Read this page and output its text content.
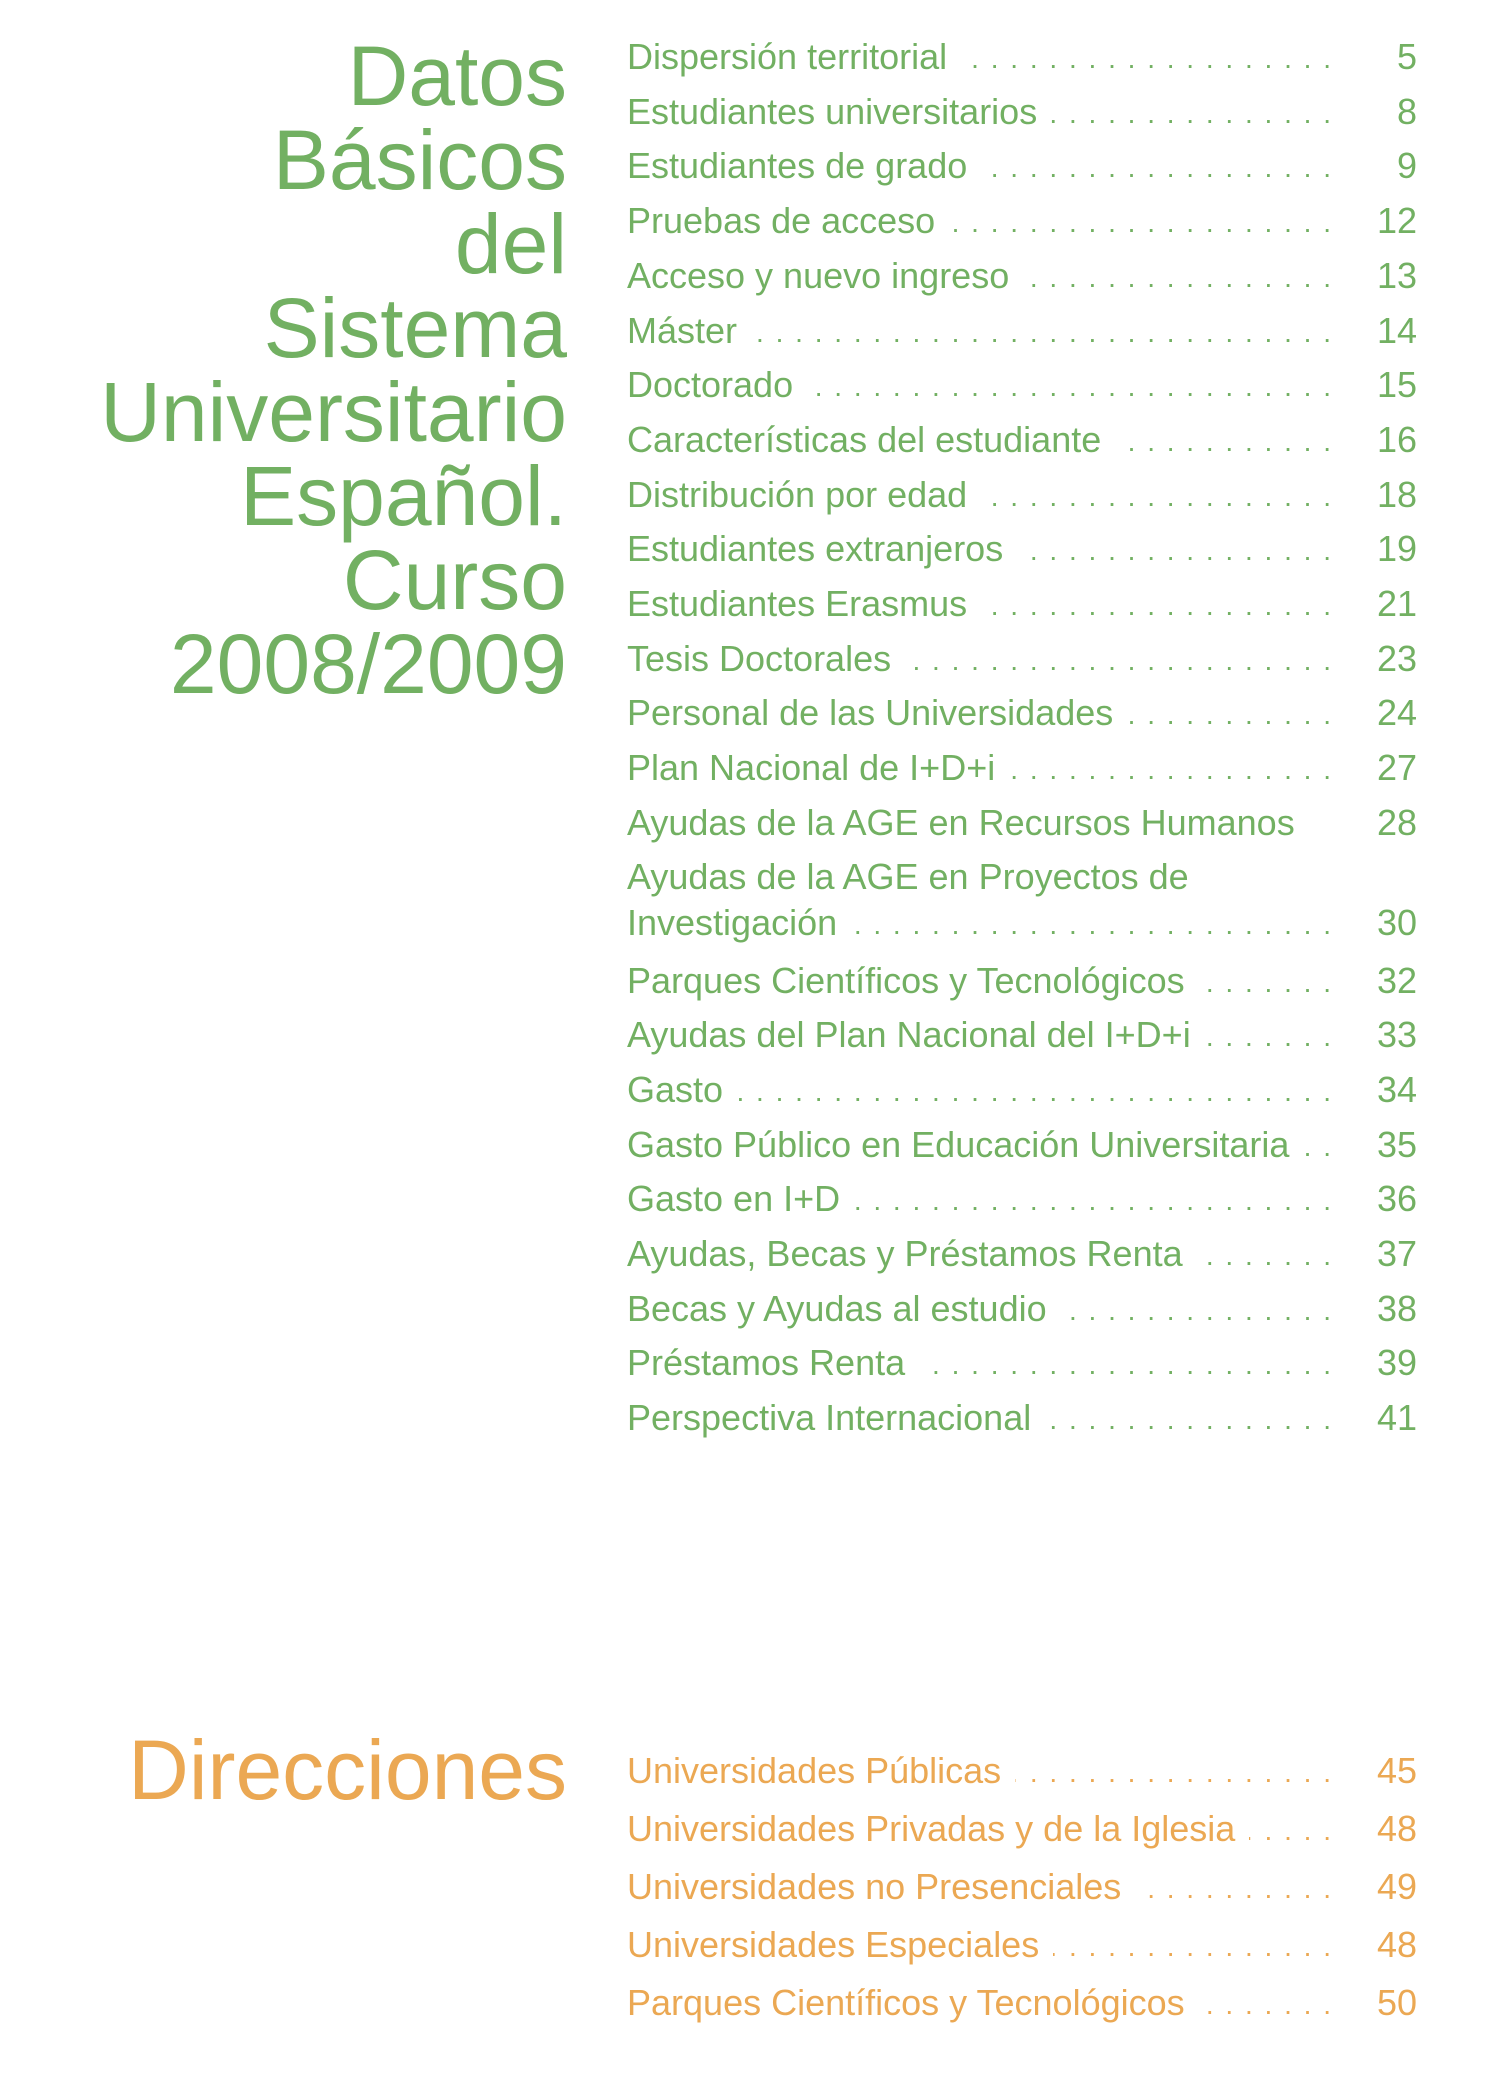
Datos
Básicos
del
Sistema
Universitario
Español.
Curso
2008/2009
Dispersión territorial . . .	5
Estudiantes universitarios . . .	8
Estudiantes de grado . . .	9
Pruebas de acceso . . .	12
Acceso y nuevo ingreso . . .	13
Máster . . .	14
Doctorado . . .	15
Características del estudiante . . .	16
Distribución por edad . . .	18
Estudiantes extranjeros . . .	19
Estudiantes Erasmus . . .	21
Tesis Doctorales . . .	23
Personal de las Universidades . . .	24
Plan Nacional de I+D+i . . .	27
Ayudas de la AGE en Recursos Humanos	28
Ayudas de la AGE en Proyectos de
Investigación . . .	30
Parques Científicos y Tecnológicos . . .	32
Ayudas del Plan Nacional del I+D+i . . .	33
Gasto . . .	34
Gasto Público en Educación Universitaria . . .	35
Gasto en I+D . . .	36
Ayudas, Becas y Préstamos Renta . . .	37
Becas y Ayudas al estudio . . .	38
Préstamos Renta . . .	39
Perspectiva Internacional . . .	41
Direcciones Universidades Públicas . . .	45
Universidades Privadas y de la Iglesia . . .	48
Universidades no Presenciales . . .	49
Universidades Especiales . . .	48
Parques Científicos y Tecnológicos . . .	50
